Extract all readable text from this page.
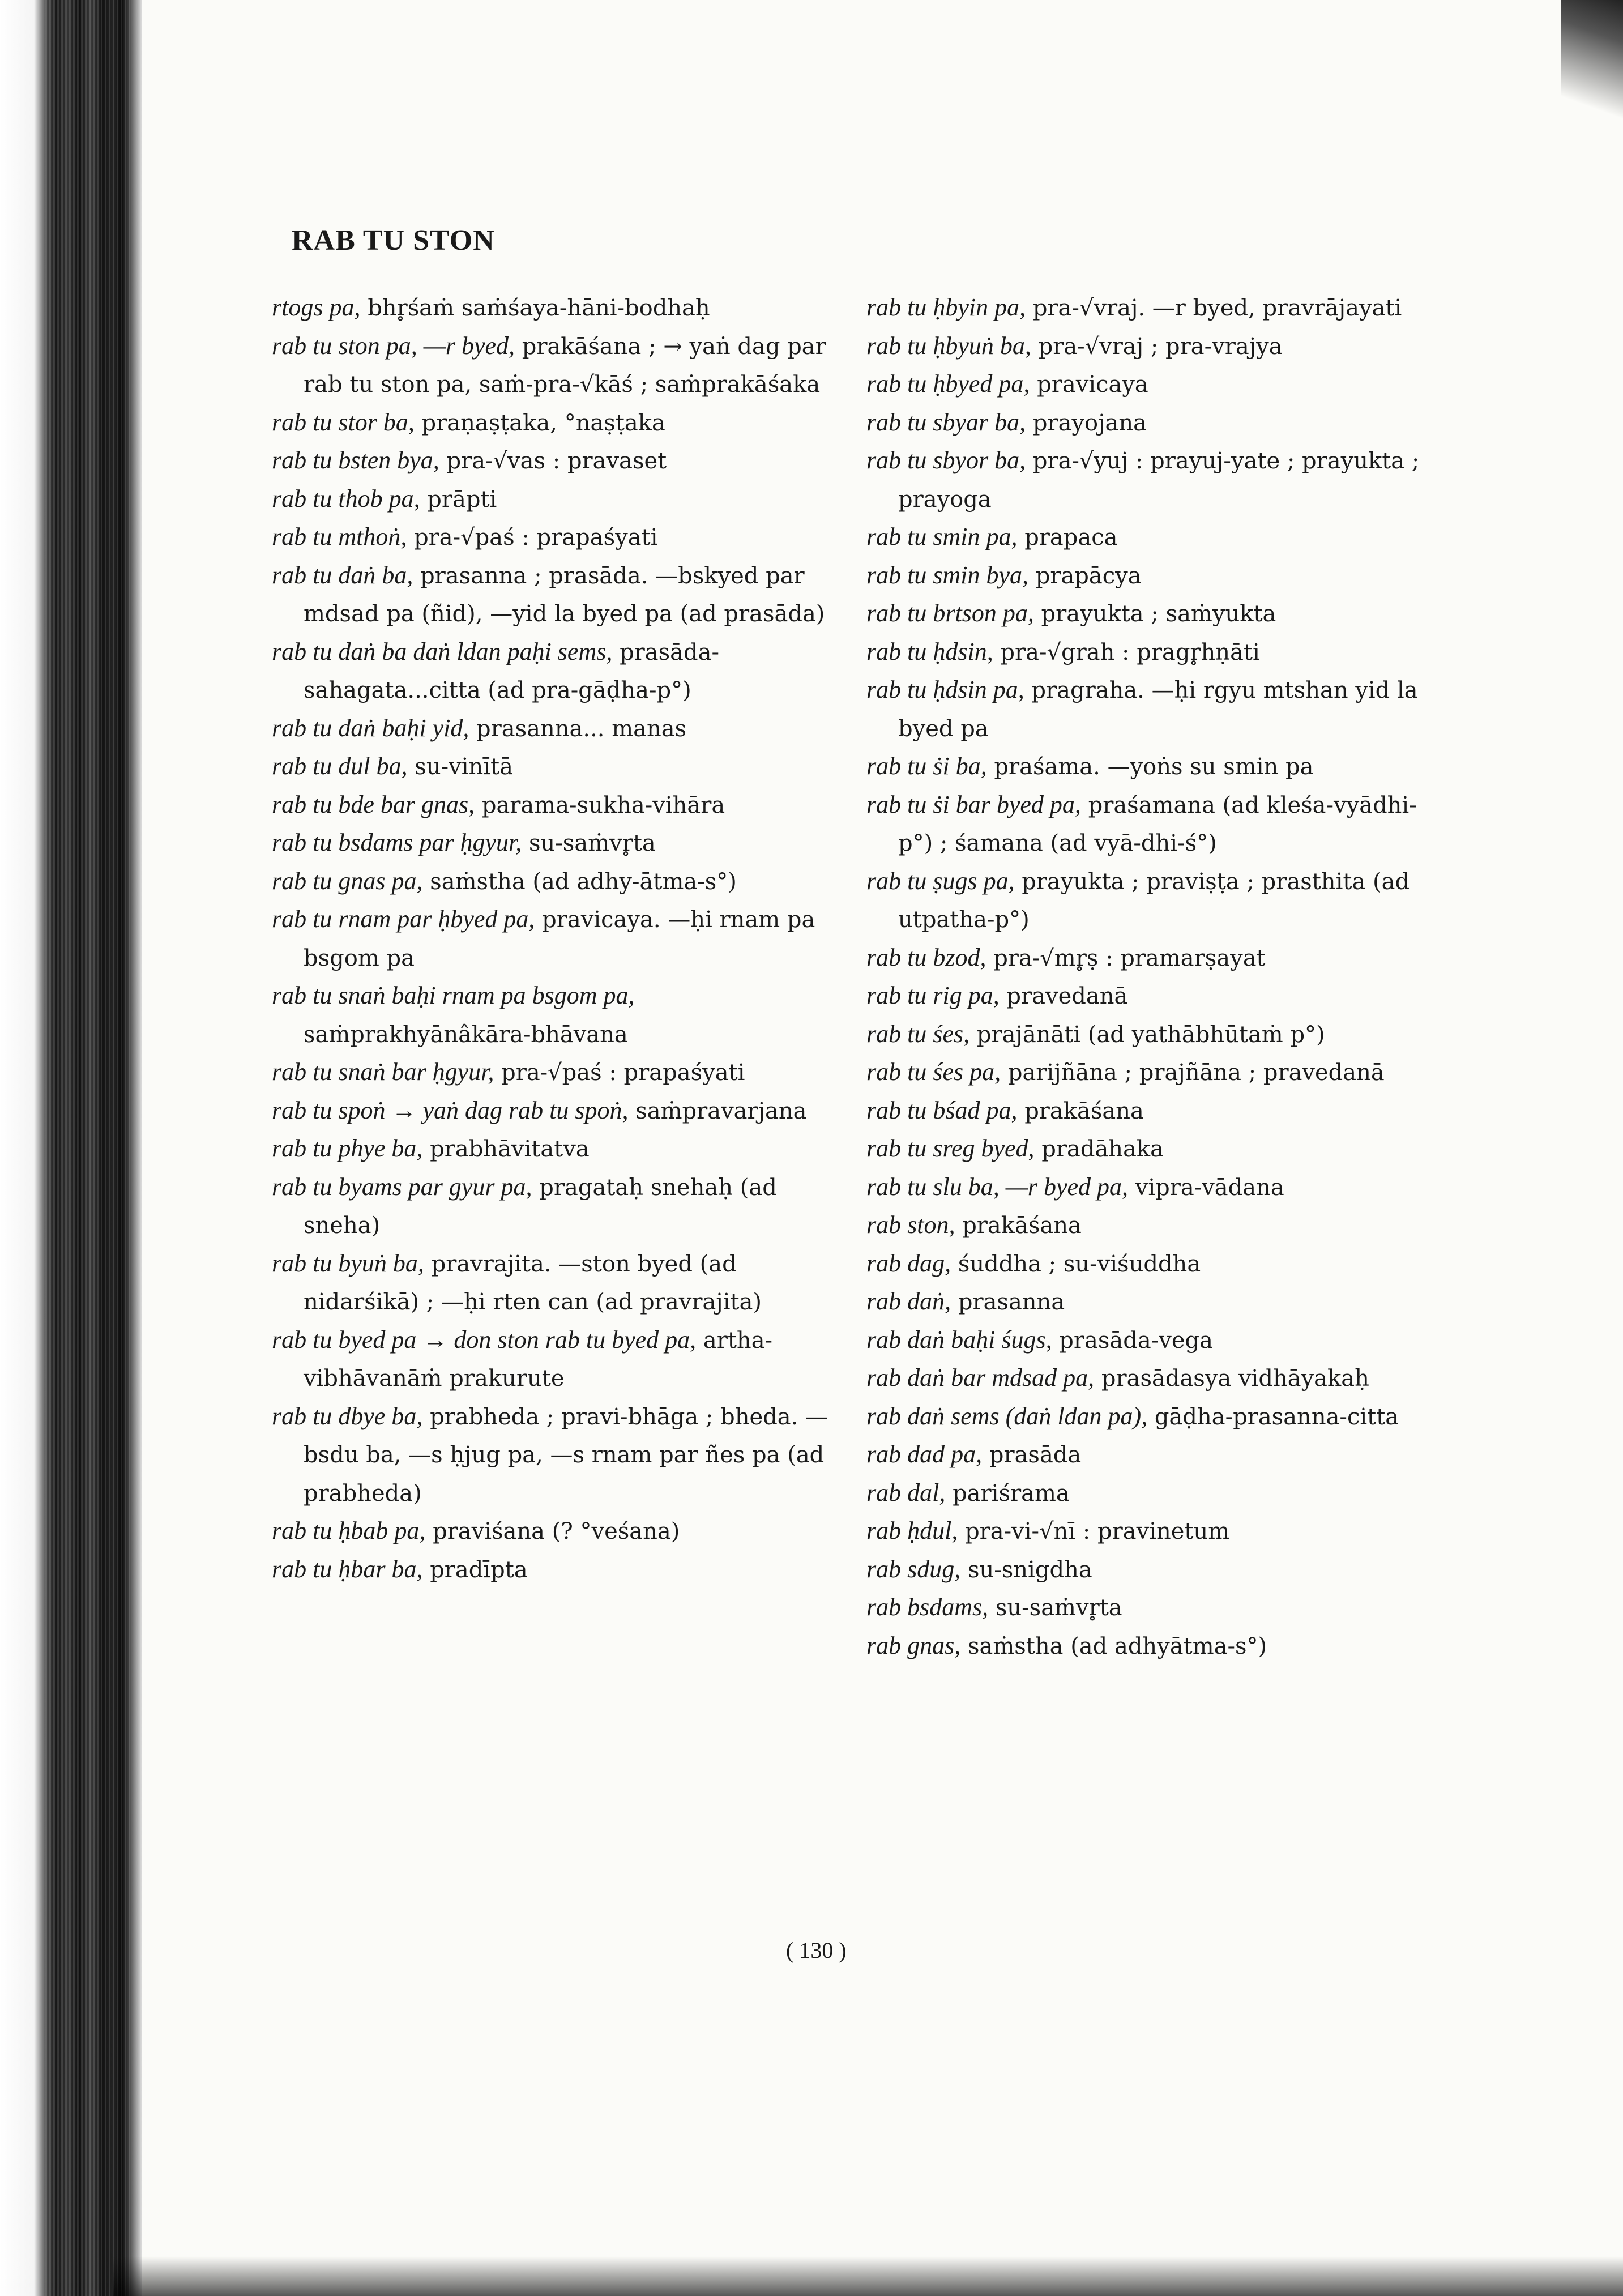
RAB TU STON
rtogs pa, bhr̥śaṁ saṁśaya-hāni-bodhaḥ
rab tu ston pa, —r byed, prakāśana ; → yaṅ dag par rab tu ston pa, saṁ-pra-√kāś ; saṁprakāśaka
rab tu stor ba, praṇaṣṭaka, °naṣṭaka
rab tu bsten bya, pra-√vas : pravaset
rab tu thob pa, prāpti
rab tu mthoṅ, pra-√paś : prapaśyati
rab tu daṅ ba, prasanna ; prasāda. —bskyed par mdsad pa (ñid), —yid la byed pa (ad prasāda)
rab tu daṅ ba daṅ ldan paḥi sems, prasāda-sahagata...citta (ad pra-gāḍha-p°)
rab tu daṅ baḥi yid, prasanna... manas
rab tu dul ba, su-vinītā
rab tu bde bar gnas, parama-sukha-vihāra
rab tu bsdams par ḥgyur, su-saṁvr̥ta
rab tu gnas pa, saṁstha (ad adhy-ātma-s°)
rab tu rnam par ḥbyed pa, pravicaya. —ḥi rnam pa bsgom pa
rab tu snaṅ baḥi rnam pa bsgom pa, saṁprakhyānâkāra-bhāvana
rab tu snaṅ bar ḥgyur, pra-√paś : prapaśyati
rab tu spoṅ → yaṅ dag rab tu spoṅ, saṁpravarjana
rab tu phye ba, prabhāvitatva
rab tu byams par gyur pa, pragataḥ snehaḥ (ad sneha)
rab tu byuṅ ba, pravrajita. —ston byed (ad nidarśikā) ; —ḥi rten can (ad pravrajita)
rab tu byed pa → don ston rab tu byed pa, artha-vibhāvanāṁ prakurute
rab tu dbye ba, prabheda ; pravi-bhāga ; bheda. —bsdu ba, —s ḥjug pa, —s rnam par ñes pa (ad prabheda)
rab tu ḥbab pa, praviśana (? °veśana)
rab tu ḥbar ba, pradīpta
rab tu ḥbyin pa, pra-√vraj. —r byed, pravrājayati
rab tu ḥbyuṅ ba, pra-√vraj ; pra-vrajya
rab tu ḥbyed pa, pravicaya
rab tu sbyar ba, prayojana
rab tu sbyor ba, pra-√yuj : prayuj-yate ; prayukta ; prayoga
rab tu smin pa, prapaca
rab tu smin bya, prapācya
rab tu brtson pa, prayukta ; saṁyukta
rab tu ḥdsin, pra-√grah : pragr̥hṇāti
rab tu ḥdsin pa, pragraha. —ḥi rgyu mtshan yid la byed pa
rab tu ṡi ba, praśama. —yoṅs su smin pa
rab tu ṡi bar byed pa, praśamana (ad kleśa-vyādhi-p°) ; śamana (ad vyā-dhi-ś°)
rab tu ṣugs pa, prayukta ; praviṣṭa ; prasthita (ad utpatha-p°)
rab tu bzod, pra-√mr̥ṣ : pramarṣayat
rab tu rig pa, pravedanā
rab tu śes, prajānāti (ad yathābhūtaṁ p°)
rab tu śes pa, parijñāna ; prajñāna ; pravedanā
rab tu bśad pa, prakāśana
rab tu sreg byed, pradāhaka
rab tu slu ba, —r byed pa, vipra-vādana
rab ston, prakāśana
rab dag, śuddha ; su-viśuddha
rab daṅ, prasanna
rab daṅ baḥi śugs, prasāda-vega
rab daṅ bar mdsad pa, prasādasya vidhāyakaḥ
rab daṅ sems (daṅ ldan pa), gāḍha-prasanna-citta
rab dad pa, prasāda
rab dal, pariśrama
rab ḥdul, pra-vi-√nī : pravinetum
rab sdug, su-snigdha
rab bsdams, su-saṁvr̥ta
rab gnas, saṁstha (ad adhyātma-s°)
( 130 )
